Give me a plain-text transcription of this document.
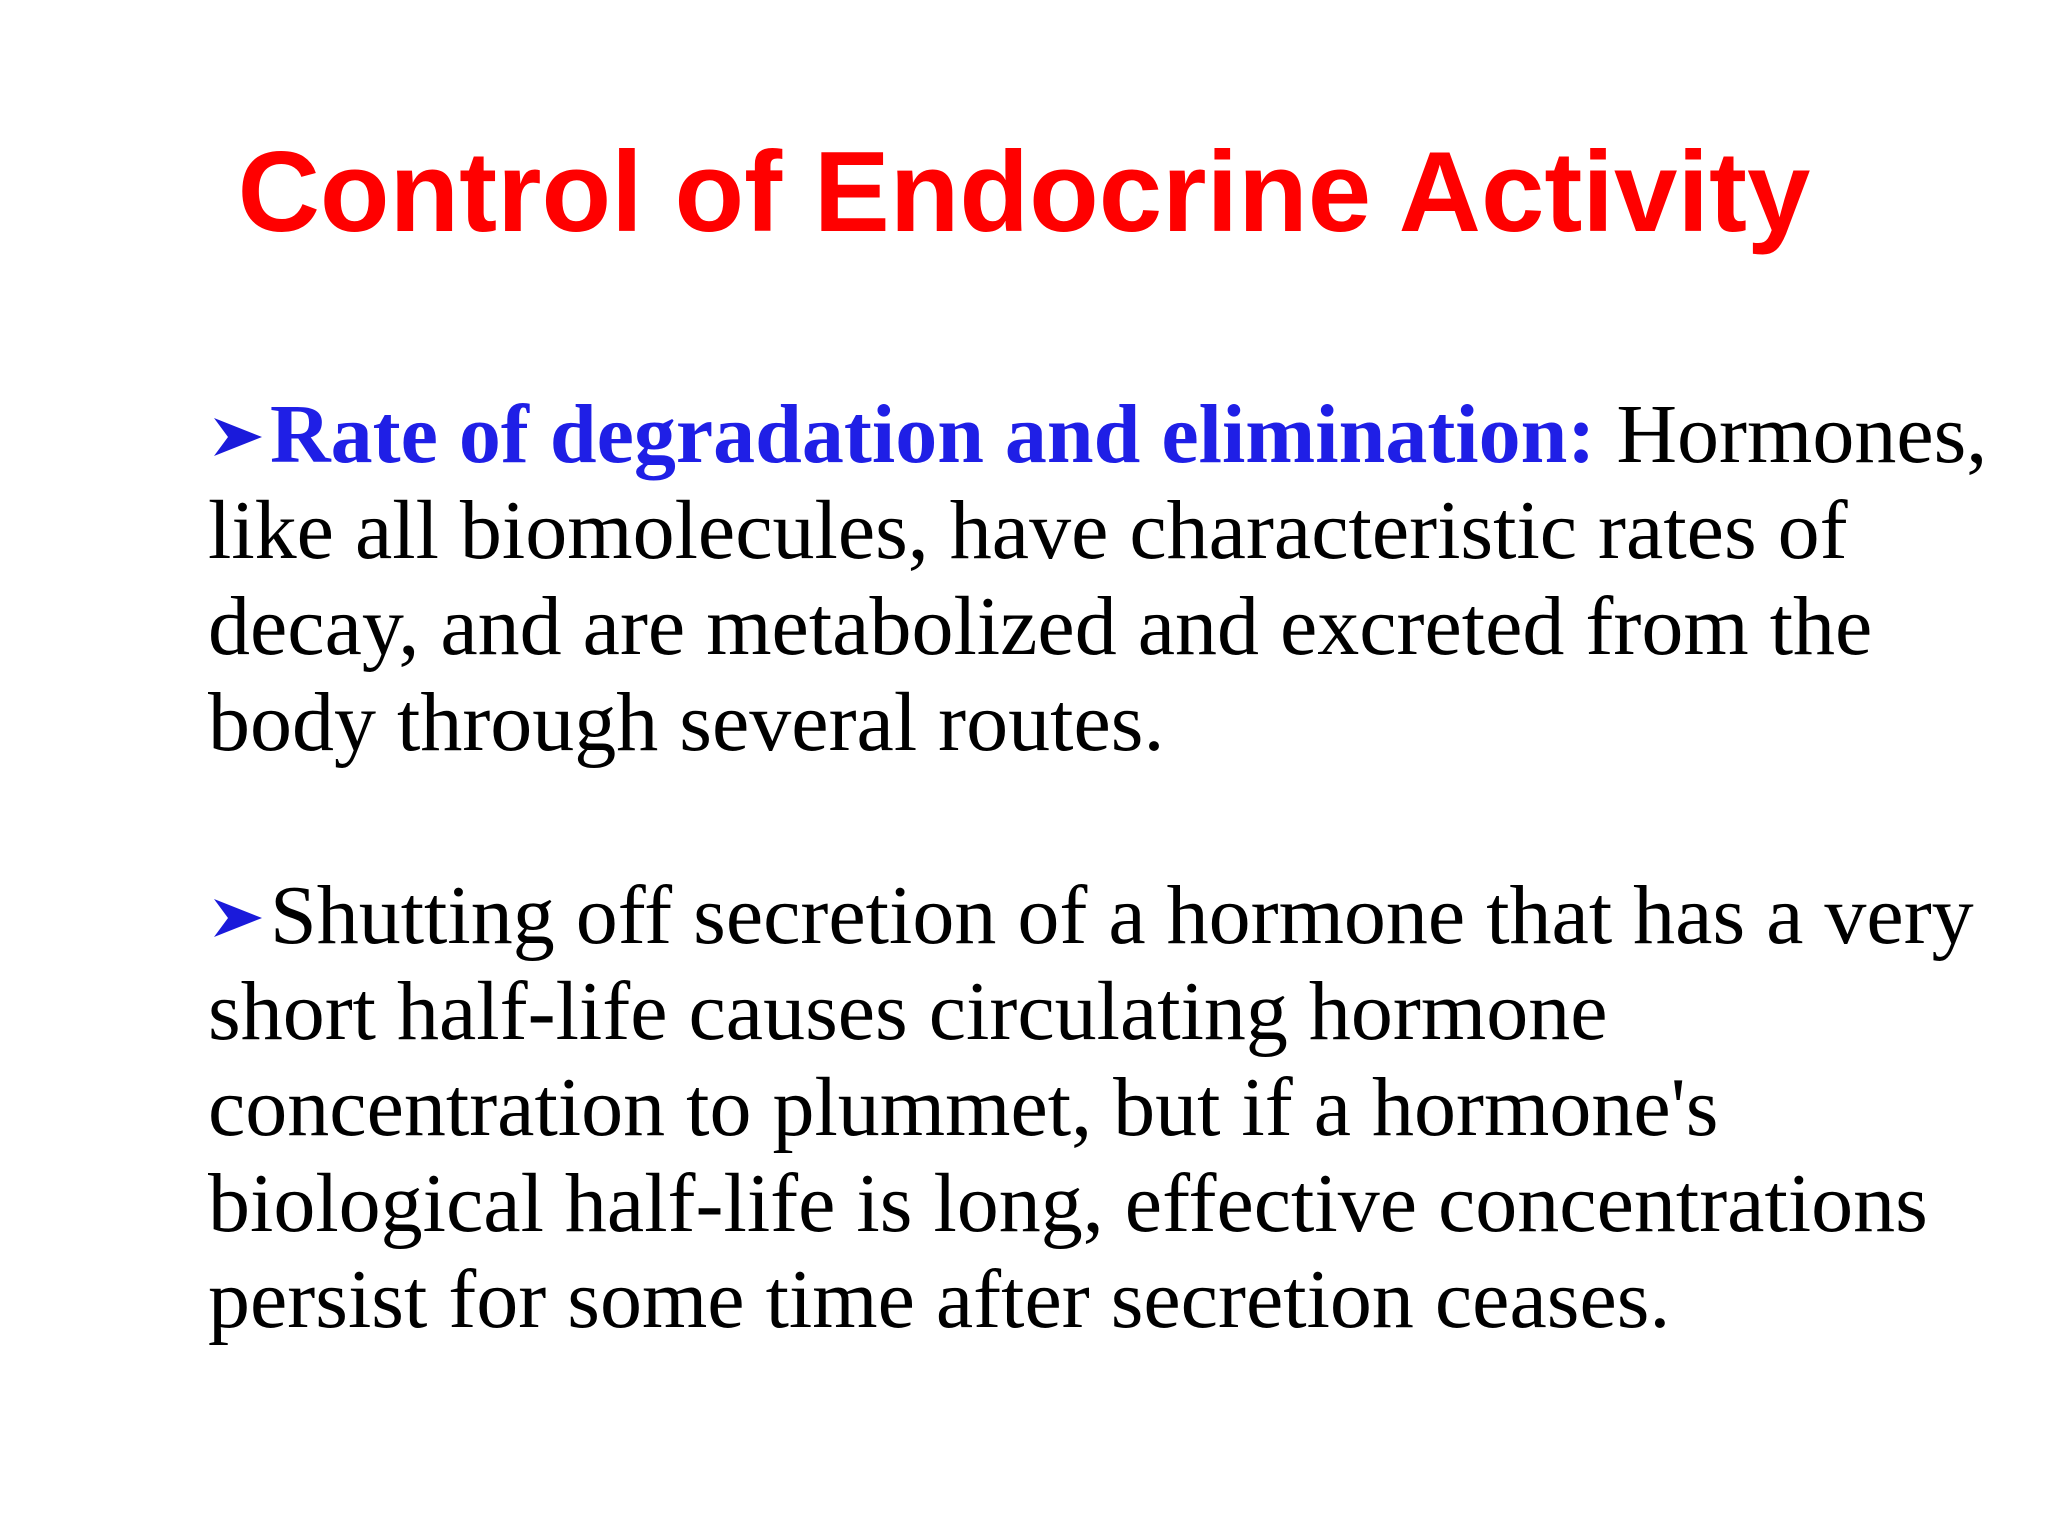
Control of Endocrine Activity
Rate of degradation and elimination: Hormones,
like all biomolecules, have characteristic rates of
decay, and are metabolized and excreted from the
body through several routes.
Shutting off secretion of a hormone that has a very
short half-life causes circulating hormone
concentration to plummet, but if a hormone's
biological half-life is long, effective concentrations
persist for some time after secretion ceases.
